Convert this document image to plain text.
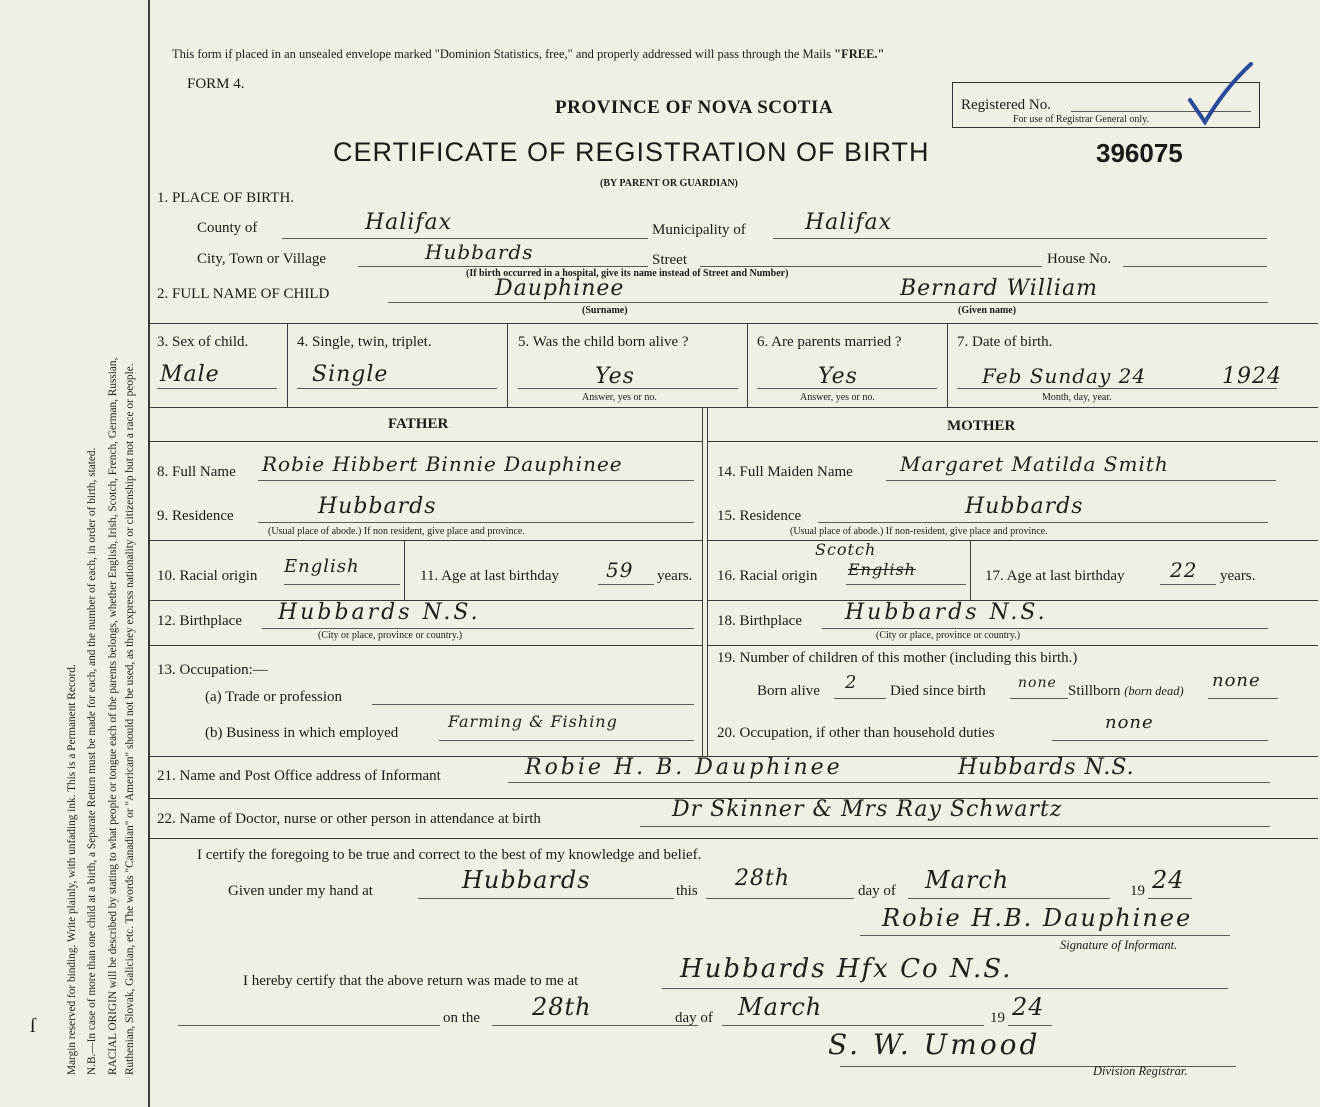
Margin reserved for binding. Write plainly, with unfading ink. This is a Permanent Record. N.B.—In case of more than one child at a birth, a Separate Return must be made for each, and the number of each, in order of birth, stated. RACIAL ORIGIN will be described by stating to what people or tongue each of the parents belongs, whether English, Irish, Scotch, French, German, Russian, Ruthenian, Slovak, Galician, etc. The words "Canadian" or "American" should not be used, as they express nationality or citizenship but not a race or people.
ſ
This form if placed in an unsealed envelope marked "Dominion Statistics, free," and properly addressed will pass through the Mails "FREE."
FORM 4.
PROVINCE OF NOVA SCOTIA
CERTIFICATE OF REGISTRATION OF BIRTH	396075
(BY PARENT OR GUARDIAN)
Registered No.
For use of Registrar General only.
1. PLACE OF BIRTH.
County of	Halifax	Municipality of	Halifax
City, Town or Village	Hubbards	Street	House No.
(If birth occurred in a hospital, give its name instead of Street and Number)
2. FULL NAME OF CHILD	Dauphinee	Bernard William
(Surname)	(Given name)
3. Sex of child.
Male
4. Single, twin, triplet.
Single
5. Was the child born alive ?
Yes
Answer, yes or no.
6. Are parents married ?
Yes
Answer, yes or no.
7. Date of birth.
Feb Sunday 24	1924
Month, day, year.
FATHER	MOTHER
8. Full Name Robie Hibbert Binnie Dauphinee
9. Residence	Hubbards
(Usual place of abode.) If non resident, give place and province.
10. Racial origin English	11. Age at last birthday 59 years.
12. Birthplace Hubbards N.S.
(City or place, province or country.)
13. Occupation:—
(a) Trade or profession
(b) Business in which employed
Farming & Fishing
14. Full Maiden Name Margaret Matilda Smith
15. Residence	Hubbards
(Usual place of abode.) If non-resident, give place and province.
16. Racial origin
Scotch
English	17. Age at last birthday 22 years.
18. Birthplace Hubbards N.S.
(City or place, province or country.)
19. Number of children of this mother (including this birth.)
Born alive 2 Died since birth none Stillborn (born dead) none
20. Occupation, if other than household duties	none
21. Name and Post Office address of Informant	Robie H. B. Dauphinee	Hubbards N.S.
22. Name of Doctor, nurse or other person in attendance at birth	Dr Skinner & Mrs Ray Schwartz
I certify the foregoing to be true and correct to the best of my knowledge and belief.
Given under my hand at	Hubbards	this 28th	day of March	19 24
Robie H.B. Dauphinee
Signature of Informant.
I hereby certify that the above return was made to me at	Hubbards Hfx Co N.S.
on the 28th	day of March	19 24
S. W. Umood
Division Registrar.
